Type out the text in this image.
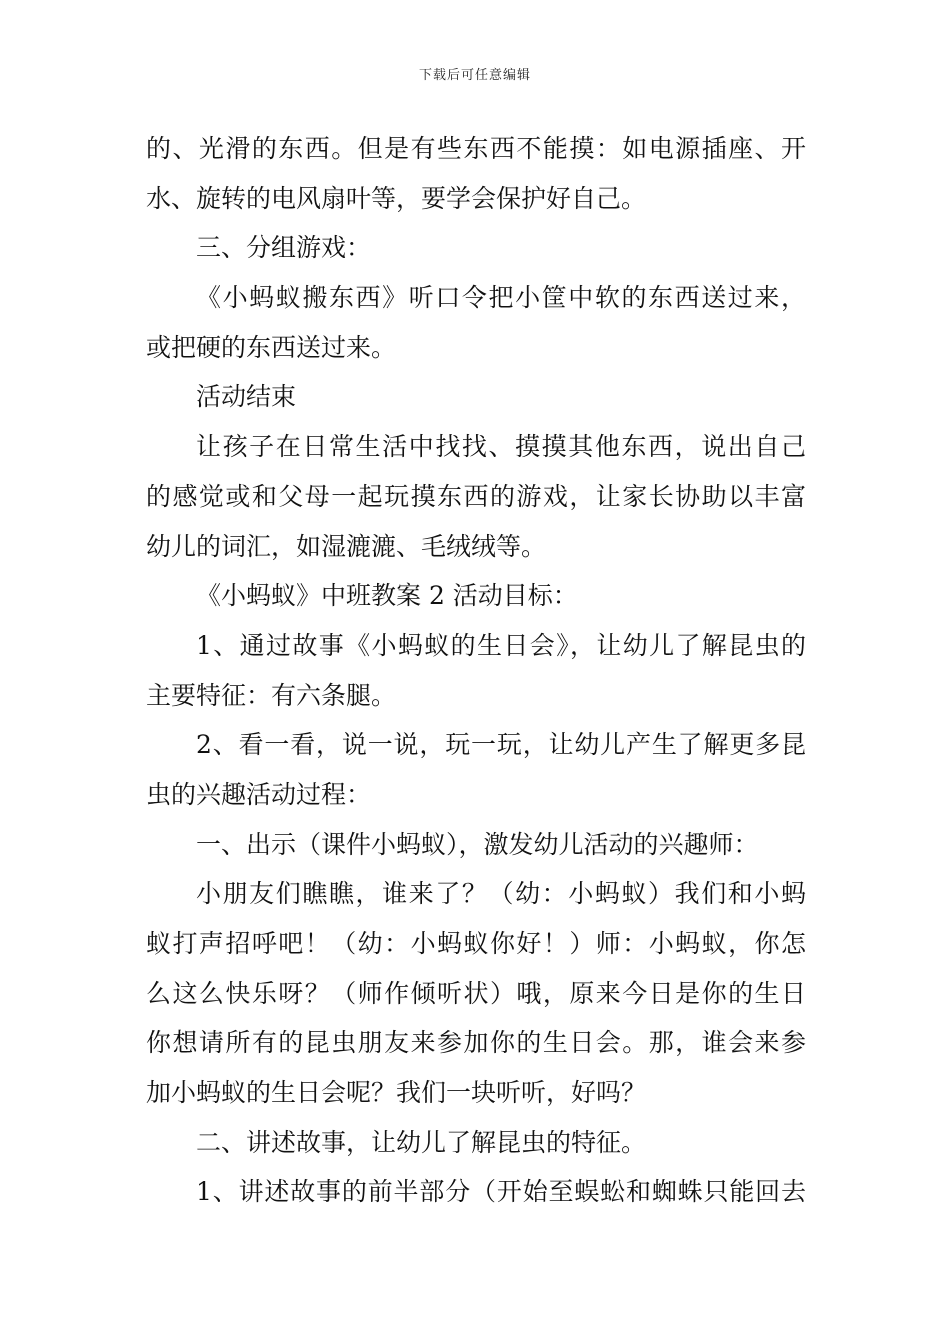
下载后可任意编辑
的、光滑的东西。但是有些东西不能摸：如电源插座、开
水、旋转的电风扇叶等，要学会保护好自己。
三、分组游戏：
《小蚂蚁搬东西》听口令把小筐中软的东西送过来，
或把硬的东西送过来。
活动结束
让孩子在日常生活中找找、摸摸其他东西，说出自己
的感觉或和父母一起玩摸东西的游戏，让家长协助以丰富
幼儿的词汇，如湿漉漉、毛绒绒等。
《小蚂蚁》中班教案 2 活动目标：
1、通过故事《小蚂蚁的生日会》，让幼儿了解昆虫的
主要特征：有六条腿。
2、看一看，说一说，玩一玩，让幼儿产生了解更多昆
虫的兴趣活动过程：
一、出示（课件小蚂蚁），激发幼儿活动的兴趣师：
小朋友们瞧瞧，谁来了？（幼：小蚂蚁）我们和小蚂
蚁打声招呼吧！（幼：小蚂蚁你好！）师：小蚂蚁，你怎
么这么快乐呀？（师作倾听状）哦，原来今日是你的生日
你想请所有的昆虫朋友来参加你的生日会。那，谁会来参
加小蚂蚁的生日会呢？我们一块听听，好吗？
二、讲述故事，让幼儿了解昆虫的特征。
1、讲述故事的前半部分（开始至蜈蚣和蜘蛛只能回去
